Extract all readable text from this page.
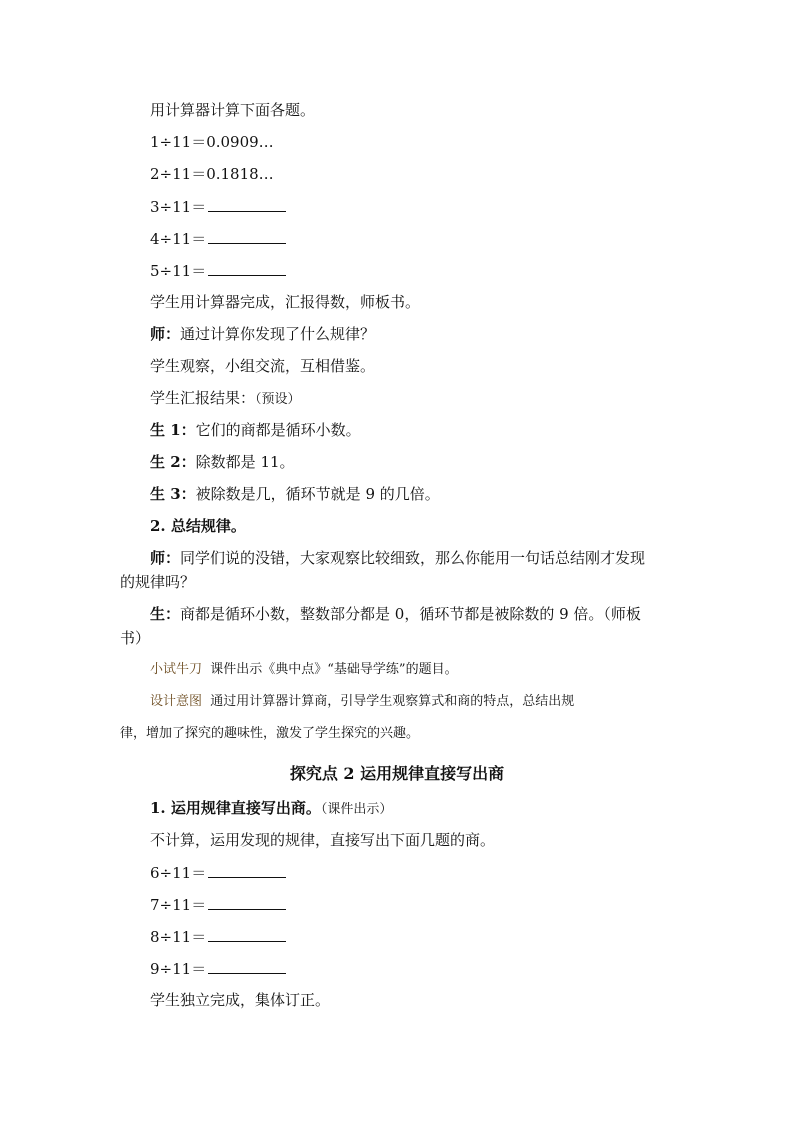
用计算器计算下面各题。
1÷11＝0.0909…
2÷11＝0.1818…
3÷11＝
4÷11＝
5÷11＝
学生用计算器完成，汇报得数，师板书。
师：通过计算你发现了什么规律？
学生观察，小组交流，互相借鉴。
学生汇报结果：（预设）
生 1：它们的商都是循环小数。
生 2：除数都是 11。
生 3：被除数是几，循环节就是 9 的几倍。
2. 总结规律。
师：同学们说的没错，大家观察比较细致，那么你能用一句话总结刚才发现
的规律吗？
生：商都是循环小数，整数部分都是 0，循环节都是被除数的 9 倍。（师板
书）
小试牛刀 课件出示《典中点》“基础导学练”的题目。
设计意图 通过用计算器计算商，引导学生观察算式和商的特点，总结出规
律，增加了探究的趣味性，激发了学生探究的兴趣。
探究点 2 运用规律直接写出商
1. 运用规律直接写出商。（课件出示）
不计算，运用发现的规律，直接写出下面几题的商。
6÷11＝
7÷11＝
8÷11＝
9÷11＝
学生独立完成，集体订正。
